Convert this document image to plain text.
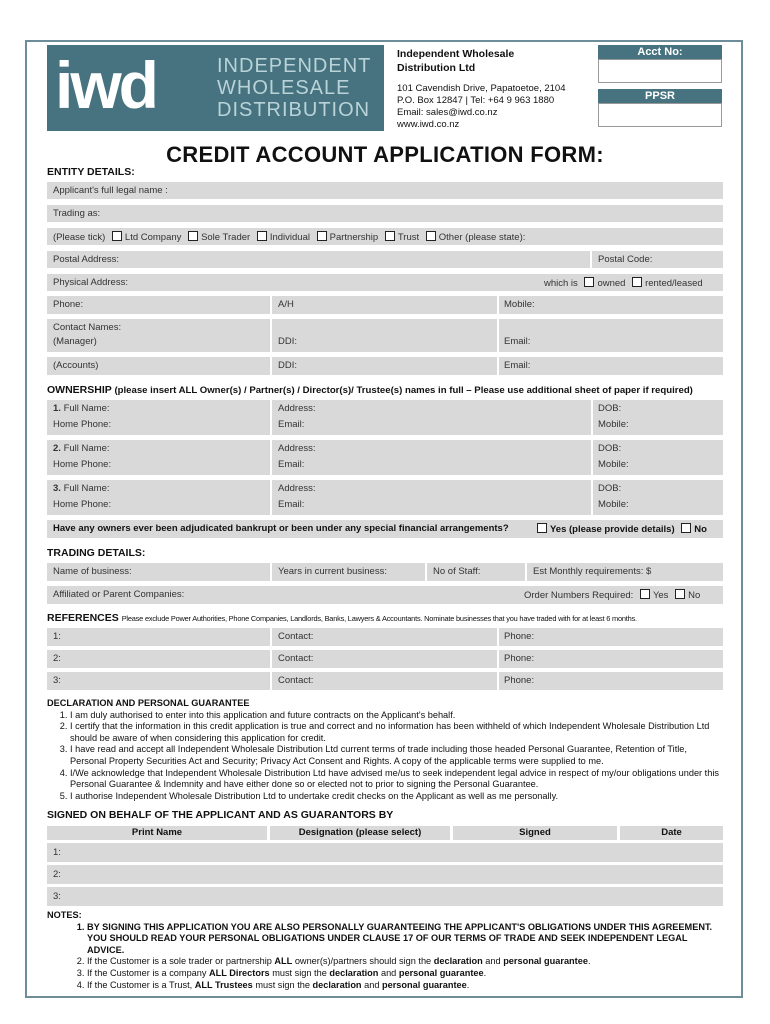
iwd	INDEPENDENT
WHOLESALE
DISTRIBUTION
Independent Wholesale
Distribution Ltd
101 Cavendish Drive, Papatoetoe, 2104
P.O. Box 12847 | Tel: +64 9 963 1880
Email: sales@iwd.co.nz
www.iwd.co.nz
Acct No:
PPSR
CREDIT ACCOUNT APPLICATION FORM:
ENTITY DETAILS:
Applicant's full legal name :
Trading as:
(Please tick) Ltd Company Sole Trader Individual Partnership Trust Other (please state):
Postal Address:	Postal Code:
Physical Address:	which is owned rented/leased
Phone:	A/H	Mobile:
Contact Names:
(Manager)	DDI:	Email:
(Accounts)	DDI:	Email:
OWNERSHIP (please insert ALL Owner(s) / Partner(s) / Director(s)/ Trustee(s) names in full – Please use additional sheet of paper if required)
1. Full Name:
Home Phone:
Address:
Email:
DOB:
Mobile:
2. Full Name:
Home Phone:
Address:
Email:
DOB:
Mobile:
3. Full Name:
Home Phone:
Address:
Email:
DOB:
Mobile:
Have any owners ever been adjudicated bankrupt or been under any special financial arrangements?	Yes (please provide details) No
TRADING DETAILS:
Name of business:	Years in current business:	No of Staff:	Est Monthly requirements: $
Affiliated or Parent Companies:	Order Numbers Required: Yes No
REFERENCES Please exclude Power Authorities, Phone Companies, Landlords, Banks, Lawyers & Accountants. Nominate businesses that you have traded with for at least 6 months.
1:	Contact:	Phone:
2:	Contact:	Phone:
3:	Contact:	Phone:
DECLARATION AND PERSONAL GUARANTEE
1. I am duly authorised to enter into this application and future contracts on the Applicant's behalf.
2. I certify that the information in this credit application is true and correct and no information has been withheld of which Independent Wholesale Distribution Ltd should be aware of when considering this application for credit.
3. I have read and accept all Independent Wholesale Distribution Ltd current terms of trade including those headed Personal Guarantee, Retention of Title, Personal Property Securities Act and Security; Privacy Act Consent and Rights. A copy of the applicable terms were supplied to me.
4. I/We acknowledge that Independent Wholesale Distribution Ltd have advised me/us to seek independent legal advice in respect of my/our obligations under this Personal Guarantee & Indemnity and have either done so or elected not to prior to signing the Personal Guarantee.
5. I authorise Independent Wholesale Distribution Ltd to undertake credit checks on the Applicant as well as me personally.
SIGNED ON BEHALF OF THE APPLICANT AND AS GUARANTORS BY
Print Name	Designation (please select)	Signed	Date
1:
2:
3:
NOTES:
1. BY SIGNING THIS APPLICATION YOU ARE ALSO PERSONALLY GUARANTEEING THE APPLICANT'S OBLIGATIONS UNDER THIS AGREEMENT. YOU SHOULD READ YOUR PERSONAL OBLIGATIONS UNDER CLAUSE 17 OF OUR TERMS OF TRADE AND SEEK INDEPENDENT LEGAL ADVICE.
2. If the Customer is a sole trader or partnership ALL owner(s)/partners should sign the declaration and personal guarantee.
3. If the Customer is a company ALL Directors must sign the declaration and personal guarantee.
4. If the Customer is a Trust, ALL Trustees must sign the declaration and personal guarantee.
